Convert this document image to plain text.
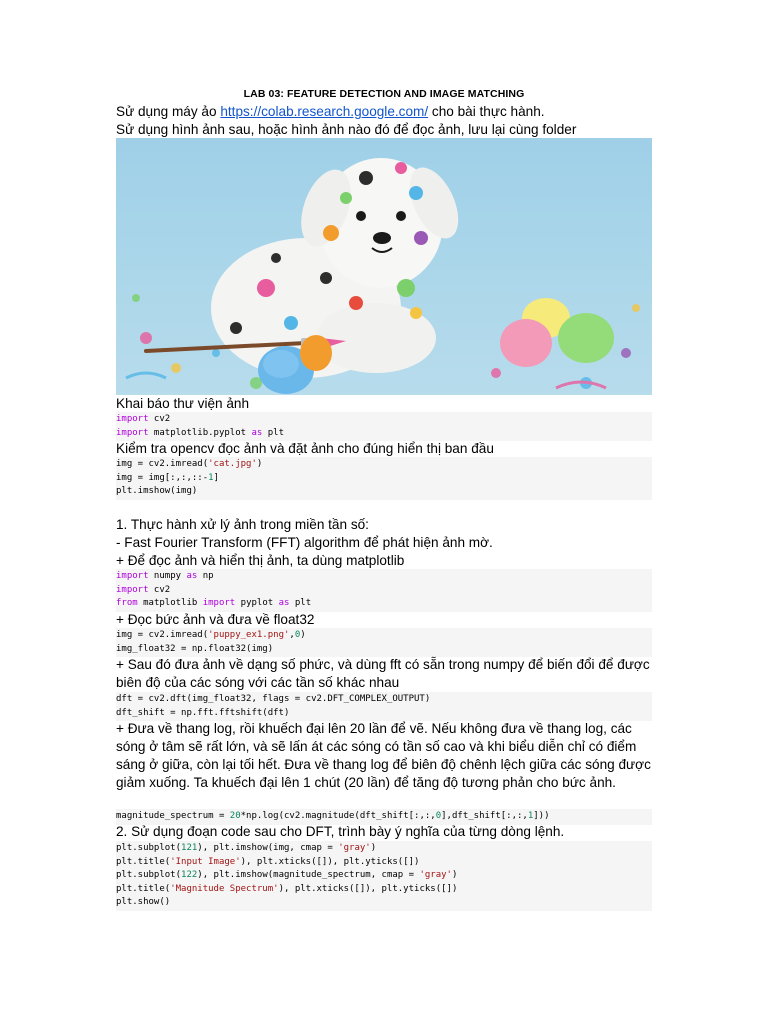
LAB 03: FEATURE DETECTION AND IMAGE MATCHING
Sử dụng máy ảo https://colab.research.google.com/ cho bài thực hành.
Sử dụng hình ảnh sau, hoặc hình ảnh nào đó để đọc ảnh, lưu lại cùng folder
Khai báo thư viện ảnh
import cv2
import matplotlib.pyplot as plt
Kiểm tra opencv đọc ảnh và đặt ảnh cho đúng hiển thị ban đầu
img = cv2.imread('cat.jpg')
img = img[:,:,::-1]
plt.imshow(img)
1. Thực hành xử lý ảnh trong miền tần số:
- Fast Fourier Transform (FFT) algorithm để phát hiện ảnh mờ.
+ Để đọc ảnh và hiển thị ảnh, ta dùng matplotlib
import numpy as np
import cv2
from matplotlib import pyplot as plt
+ Đọc bức ảnh và đưa về float32
img = cv2.imread('puppy_ex1.png',0)
img_float32 = np.float32(img)
+ Sau đó đưa ảnh về dạng số phức, và dùng fft có sẵn trong numpy để biến đổi để được biên độ của các sóng với các tần số khác nhau
dft = cv2.dft(img_float32, flags = cv2.DFT_COMPLEX_OUTPUT)
dft_shift = np.fft.fftshift(dft)
+ Đưa về thang log, rồi khuếch đại lên 20 lần để vẽ. Nếu không đưa về thang log, các sóng ở tâm sẽ rất lớn, và sẽ lấn át các sóng có tần số cao và khi biểu diễn chỉ có điểm sáng ở giữa, còn lại tối hết. Đưa về thang log để biên độ chênh lệch giữa các sóng được giảm xuống. Ta khuếch đại lên 1 chút (20 lần) để tăng độ tương phản cho bức ảnh.
magnitude_spectrum = 20*np.log(cv2.magnitude(dft_shift[:,:,0],dft_shift[:,:,1]))
2. Sử dụng đoạn code sau cho DFT, trình bày ý nghĩa của từng dòng lệnh.
plt.subplot(121), plt.imshow(img, cmap = 'gray')
plt.title('Input Image'), plt.xticks([]), plt.yticks([])
plt.subplot(122), plt.imshow(magnitude_spectrum, cmap = 'gray')
plt.title('Magnitude Spectrum'), plt.xticks([]), plt.yticks([])
plt.show()
